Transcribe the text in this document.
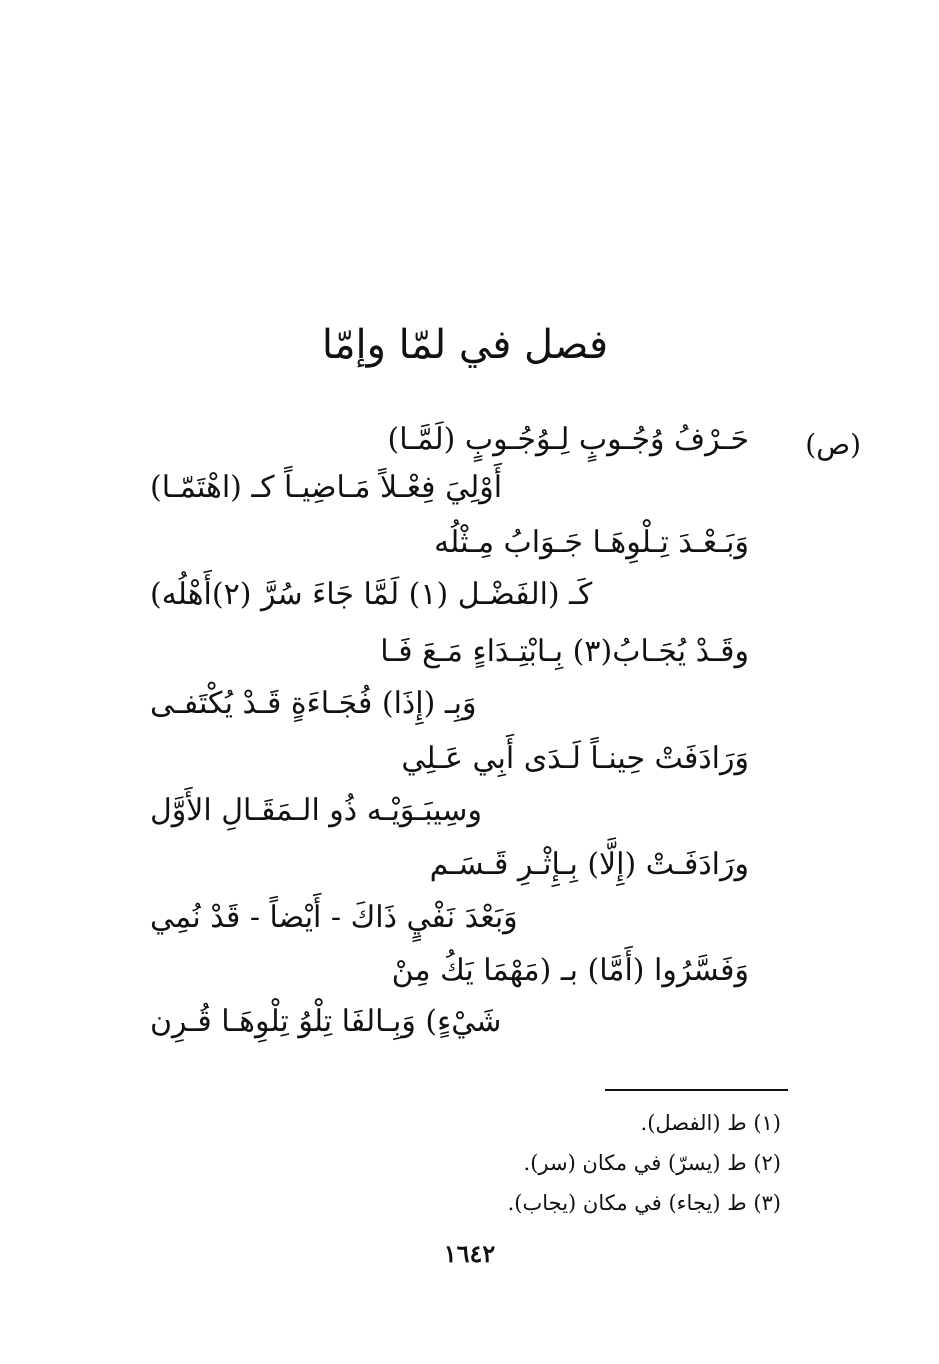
فصل في لمّا وإمّا
(ص)
حَـرْفُ وُجُـوبٍ لِـوُجُـوبٍ (لَمَّـا)
أَوْلِيَ فِعْـلاً مَـاضِيـاً كـ (اهْتَمّـا)
وَبَـعْـدَ تِـلْوِهَـا جَـوَابُ مِـثْلُه
كَـ (الفَضْـل (١) لَمَّا جَاءَ سُرَّ (٢)أَهْلُه)
وقَـدْ يُجَـابُ(٣) بِـابْتِـدَاءٍ مَـعَ فَـا
وَبِـ (إِذَا) فُجَـاءَةٍ قَـدْ يُكْتَفـى
وَرَادَفَتْ حِينـاً لَـدَى أَبِي عَـلِي
وسِيبَـوَيْـه ذُو الـمَقَـالِ الأَوَّل
ورَادَفَـتْ (إِلَّا) بِـإِثْـرِ قَـسَـم
وَبَعْدَ نَفْيٍ ذَاكَ - أَيْضاً - قَدْ نُمِي
وَفَسَّرُوا (أَمَّا) بـ (مَهْمَا يَكُ مِنْ
شَيْءٍ) وَبِـالفَا تِلْوُ تِلْوِهَـا قُـرِن
(١) ط (الفصل).
(٢) ط (يسرّ) في مكان (سر).
(٣) ط (يجاء) في مكان (يجاب).
١٦٤٢
